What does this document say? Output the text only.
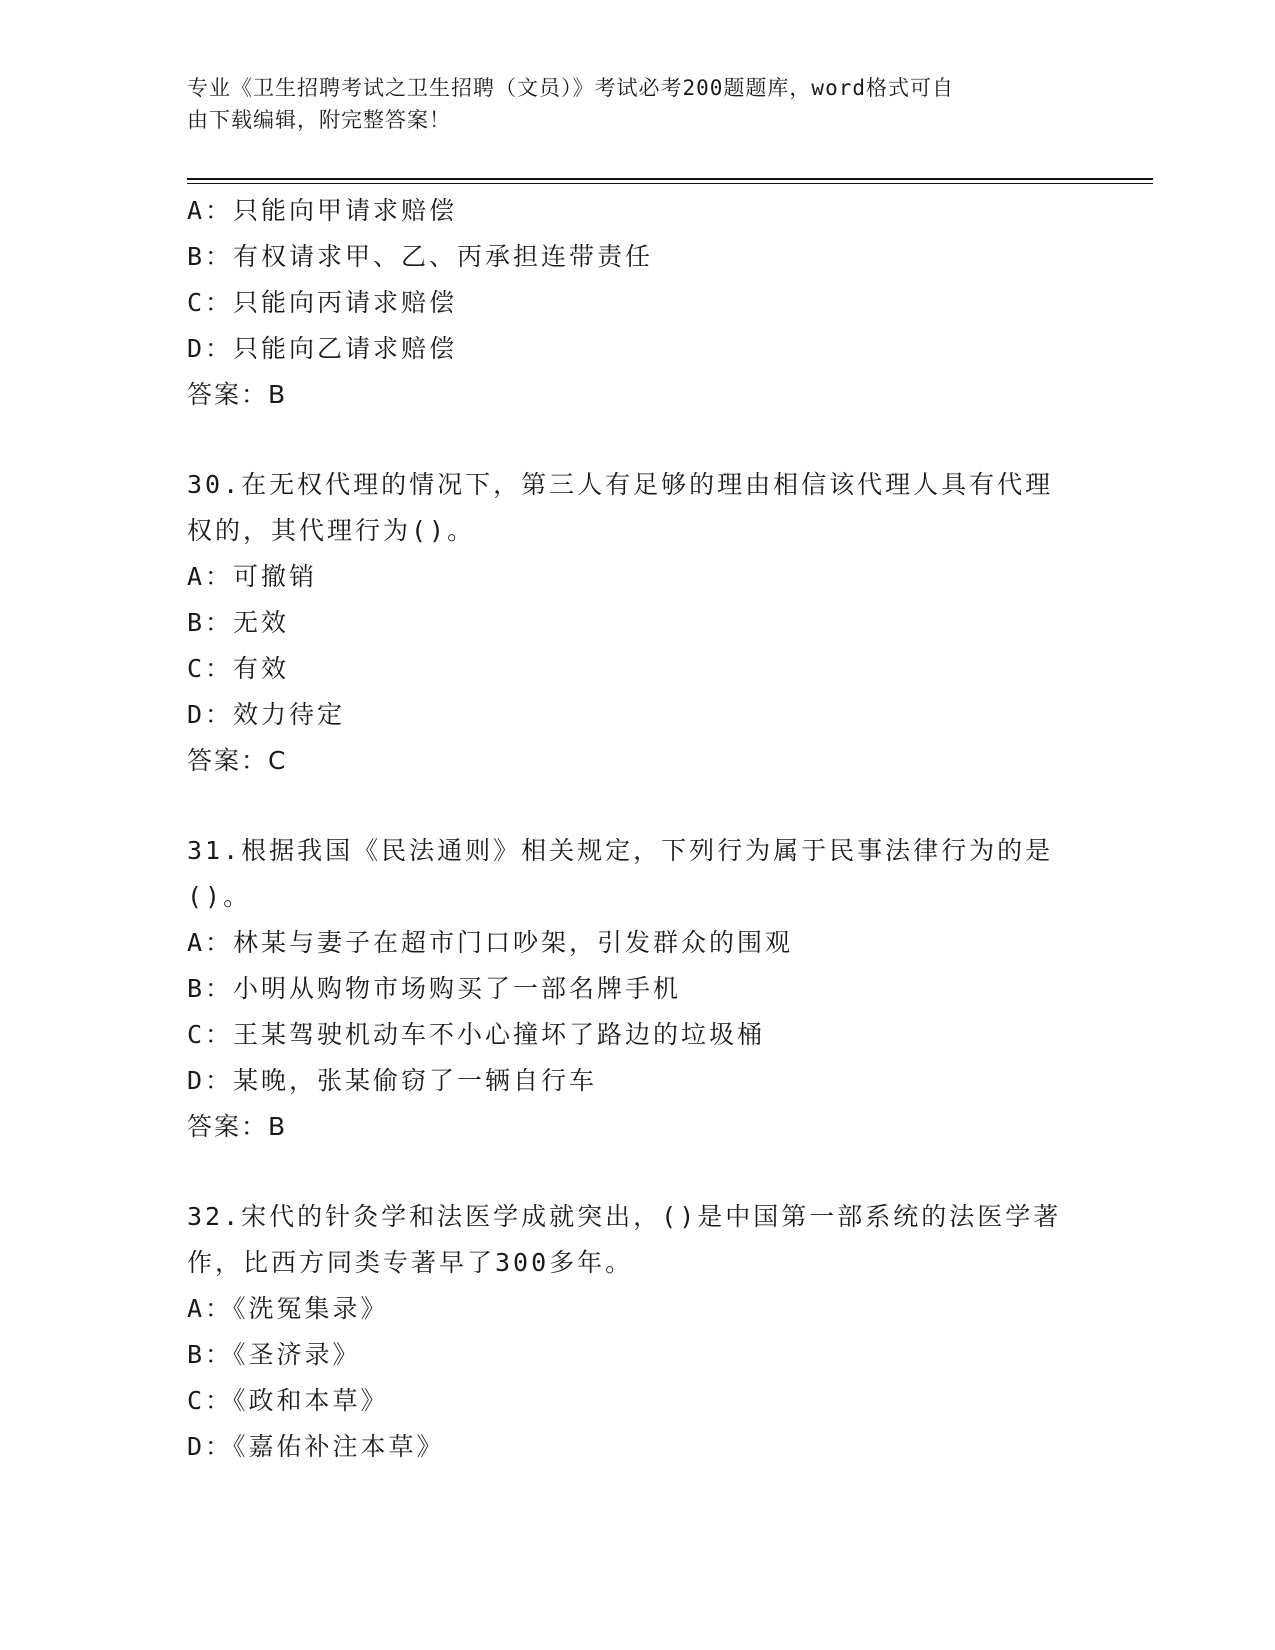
专业《卫生招聘考试之卫生招聘（文员）》考试必考200题题库，word格式可自
由下载编辑，附完整答案！
A：只能向甲请求赔偿
B：有权请求甲、乙、丙承担连带责任
C：只能向丙请求赔偿
D：只能向乙请求赔偿
答案：B
30.在无权代理的情况下，第三人有足够的理由相信该代理人具有代理
权的，其代理行为()。
A：可撤销
B：无效
C：有效
D：效力待定
答案：C
31.根据我国《民法通则》相关规定，下列行为属于民事法律行为的是
()。
A：林某与妻子在超市门口吵架，引发群众的围观
B：小明从购物市场购买了一部名牌手机
C：王某驾驶机动车不小心撞坏了路边的垃圾桶
D：某晚，张某偷窃了一辆自行车
答案：B
32.宋代的针灸学和法医学成就突出，()是中国第一部系统的法医学著
作，比西方同类专著早了300多年。
A：《洗冤集录》
B：《圣济录》
C：《政和本草》
D：《嘉佑补注本草》
